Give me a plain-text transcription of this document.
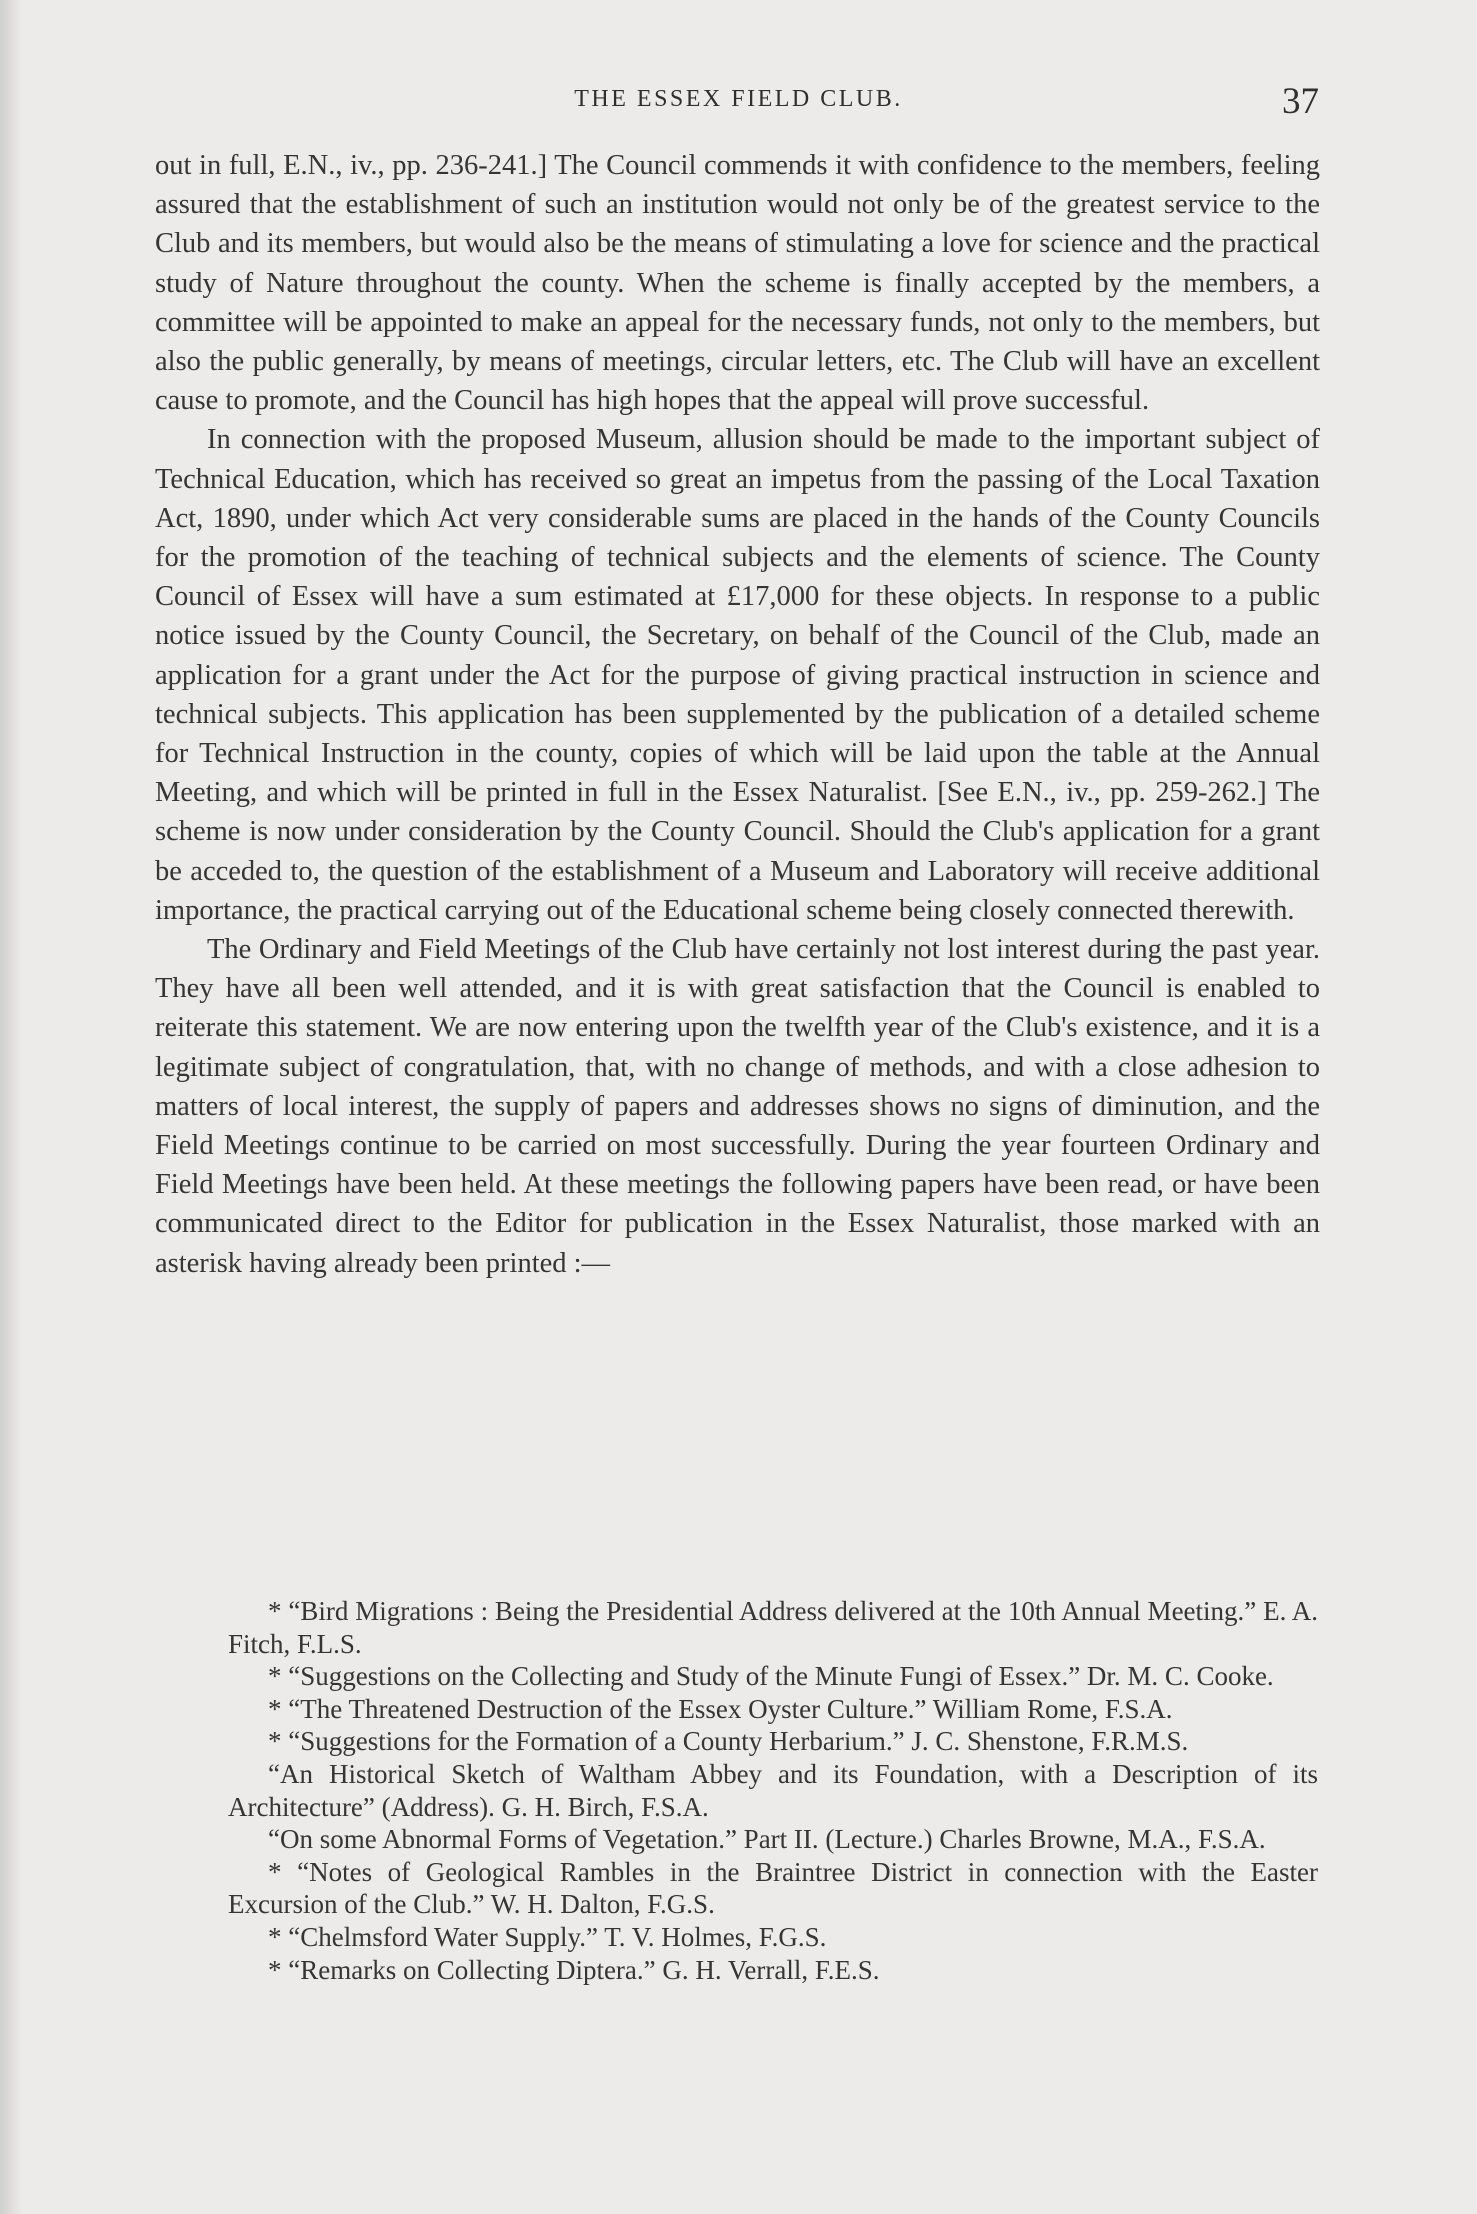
THE ESSEX FIELD CLUB.	37

out in full, E.N., iv., pp. 236-241.] The Council commends it with confidence to the members, feeling assured that the establishment of such an institution would not only be of the greatest service to the Club and its members, but would also be the means of stimulating a love for science and the practical study of Nature throughout the county. When the scheme is finally accepted by the members, a committee will be appointed to make an appeal for the necessary funds, not only to the members, but also the public generally, by means of meetings, circular letters, etc. The Club will have an excellent cause to promote, and the Council has high hopes that the appeal will prove successful.

In connection with the proposed Museum, allusion should be made to the important subject of Technical Education, which has received so great an impetus from the passing of the Local Taxation Act, 1890, under which Act very considerable sums are placed in the hands of the County Councils for the promotion of the teaching of technical subjects and the elements of science. The County Council of Essex will have a sum estimated at £17,000 for these objects. In response to a public notice issued by the County Council, the Secretary, on behalf of the Council of the Club, made an application for a grant under the Act for the purpose of giving practical instruction in science and technical subjects. This application has been supplemented by the publication of a detailed scheme for Technical Instruction in the county, copies of which will be laid upon the table at the Annual Meeting, and which will be printed in full in the Essex Naturalist. [See E.N., iv., pp. 259-262.] The scheme is now under consideration by the County Council. Should the Club's application for a grant be acceded to, the question of the establishment of a Museum and Laboratory will receive additional importance, the practical carrying out of the Educational scheme being closely connected therewith.

The Ordinary and Field Meetings of the Club have certainly not lost interest during the past year. They have all been well attended, and it is with great satisfaction that the Council is enabled to reiterate this statement. We are now entering upon the twelfth year of the Club's existence, and it is a legitimate subject of congratulation, that, with no change of methods, and with a close adhesion to matters of local interest, the supply of papers and addresses shows no signs of diminution, and the Field Meetings continue to be carried on most successfully. During the year fourteen Ordinary and Field Meetings have been held. At these meetings the following papers have been read, or have been communicated direct to the Editor for publication in the Essex Naturalist, those marked with an asterisk having already been printed :—

* “Bird Migrations : Being the Presidential Address delivered at the 10th Annual Meeting.” E. A. Fitch, F.L.S.

* “Suggestions on the Collecting and Study of the Minute Fungi of Essex.” Dr. M. C. Cooke.

* “The Threatened Destruction of the Essex Oyster Culture.” William Rome, F.S.A.

* “Suggestions for the Formation of a County Herbarium.” J. C. Shenstone, F.R.M.S.

“An Historical Sketch of Waltham Abbey and its Foundation, with a Description of its Architecture” (Address). G. H. Birch, F.S.A.

“On some Abnormal Forms of Vegetation.” Part II. (Lecture.) Charles Browne, M.A., F.S.A.

* “Notes of Geological Rambles in the Braintree District in connection with the Easter Excursion of the Club.” W. H. Dalton, F.G.S.

* “Chelmsford Water Supply.” T. V. Holmes, F.G.S.

* “Remarks on Collecting Diptera.” G. H. Verrall, F.E.S.
